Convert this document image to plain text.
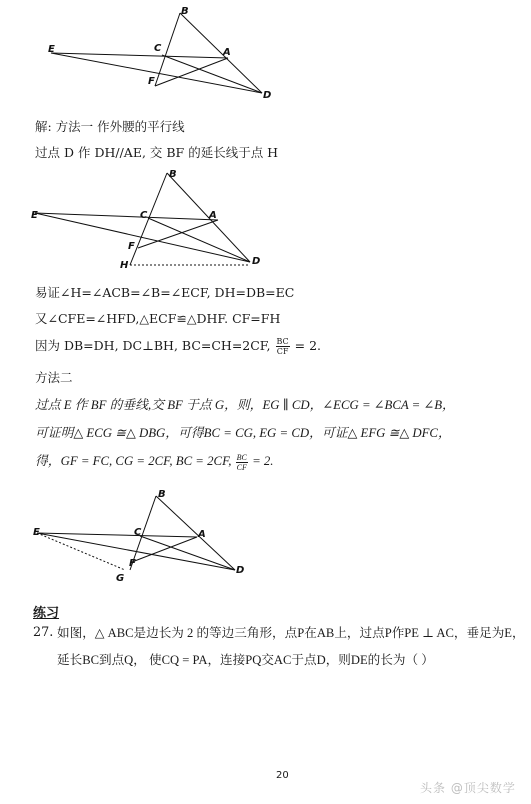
B
E	C	A
F
D
解: 方法一 作外腰的平行线
过点 D 作 DH//AE, 交 BF 的延长线于点 H
B
E	C	A
F
H	D
易证∠H=∠ACB=∠B=∠ECF, DH=DB=EC
又∠CFE=∠HFD,△ECF≌△DHF. CF=FH
因为 DB=DH, DC⊥BH, BC=CH=2CF, $\frac{BC}{CF} = 2$.
方法二
过点 E 作 BF 的垂线,交 BF 于点 G，则，EG ∥ CD，∠ECG = ∠BCA = ∠B，
可证明△ ECG ≅△ DBG，可得BC = CG, EG = CD，可证△ EFG ≅△ DFC，
得，GF = FC, CG = 2CF, BC = 2CF, $\frac{BC}{CF} = 2$.
B
E	C	A
F
G
D
练习
27. 如图，△ ABC是边长为 2 的等边三角形，点P在AB上，过点P作PE ⊥ AC，垂足为E，
延长BC到点Q， 使CQ = PA，连接PQ交AC于点D，则DE的长为（ ）
20
头条 @顶尖数学
